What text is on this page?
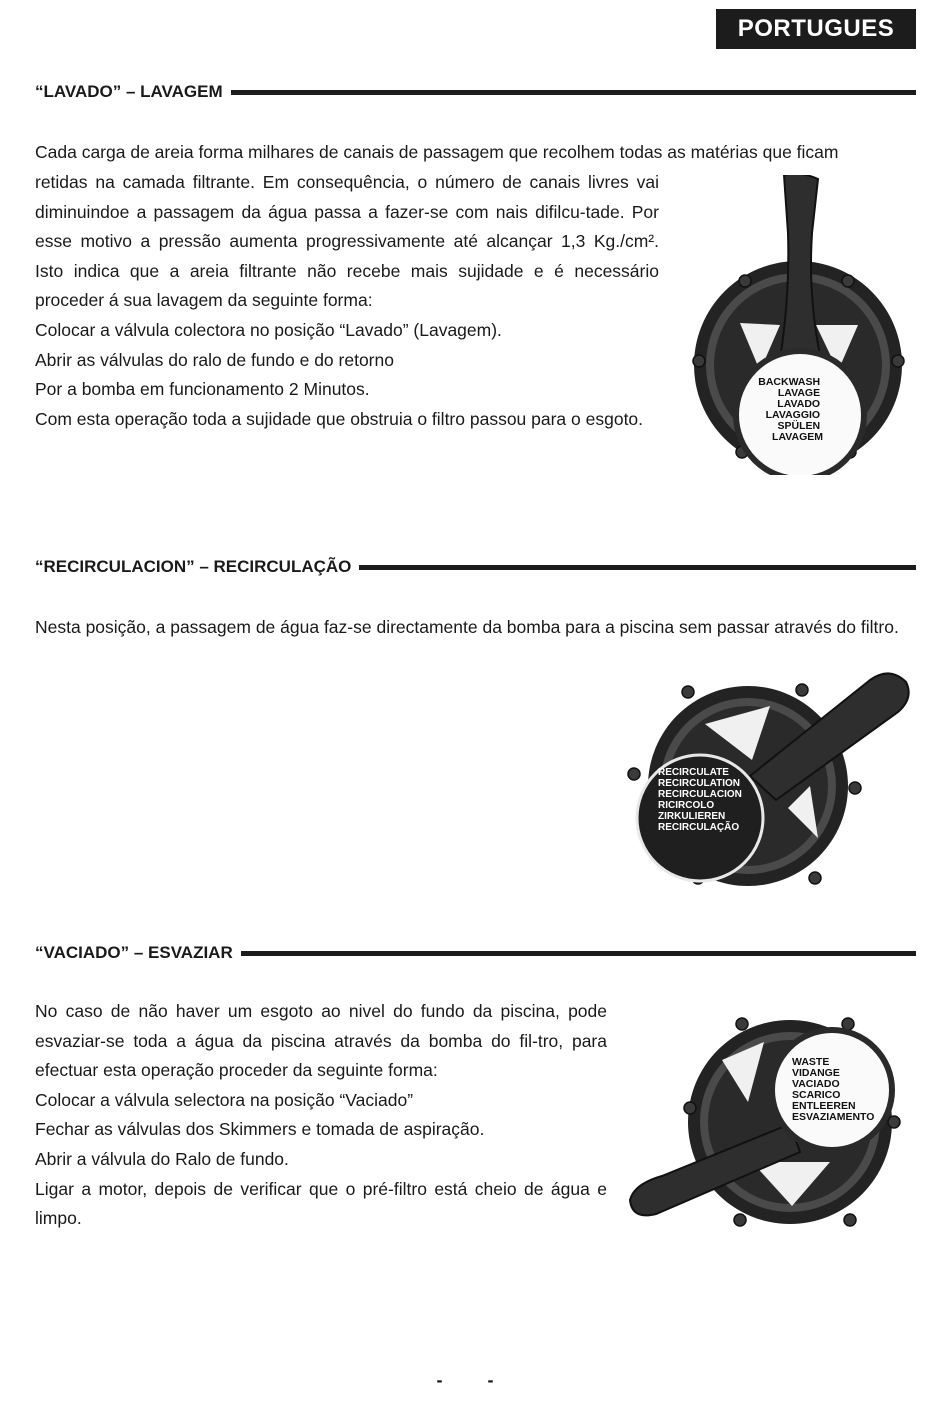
PORTUGUES
“LAVADO” – LAVAGEM

Cada carga de areia forma milhares de canais de passagem que recolhem todas as matérias que ficam

retidas na camada filtrante. Em consequência, o número de canais livres vai diminuindoe a passagem da água passa a fazer-se com nais difilcu-tade. Por esse motivo a pressão aumenta progressivamente até alcançar 1,3 Kg./cm². Isto indica que a areia filtrante não recebe mais sujidade e é necessário proceder á sua lavagem da seguinte forma:

Colocar a válvula colectora no posição “Lavado” (Lavagem).

Abrir as válvulas do ralo de fundo e do retorno

Por a bomba em funcionamento 2 Minutos.

Com esta operação toda a sujidade que obstruia o filtro passou para o esgoto.

BACKWASH LAVAGE LAVADO LAVAGGIO SPÜLEN LAVAGEM
“RECIRCULACION” – RECIRCULAÇÃO

Nesta posição, a passagem de água faz-se directamente da bomba para a piscina sem passar através do filtro.

RECIRCULATE RECIRCULATION RECIRCULACION RICIRCOLO ZIRKULIEREN RECIRCULAÇÃO
“VACIADO” – ESVAZIAR

No caso de não haver um esgoto ao nivel do fundo da piscina, pode esvaziar-se toda a água da piscina através da bomba do fil-tro, para efectuar esta operação proceder da seguinte forma:

Colocar a válvula selectora na posição “Vaciado”

Fechar as válvulas dos Skimmers e tomada de aspiração.

Abrir a válvula do Ralo de fundo.

Ligar a motor, depois de verificar que o pré-filtro está cheio de água e limpo.

WASTE VIDANGE VACIADO SCARICO ENTLEEREN ESVAZIAMENTO
- -
